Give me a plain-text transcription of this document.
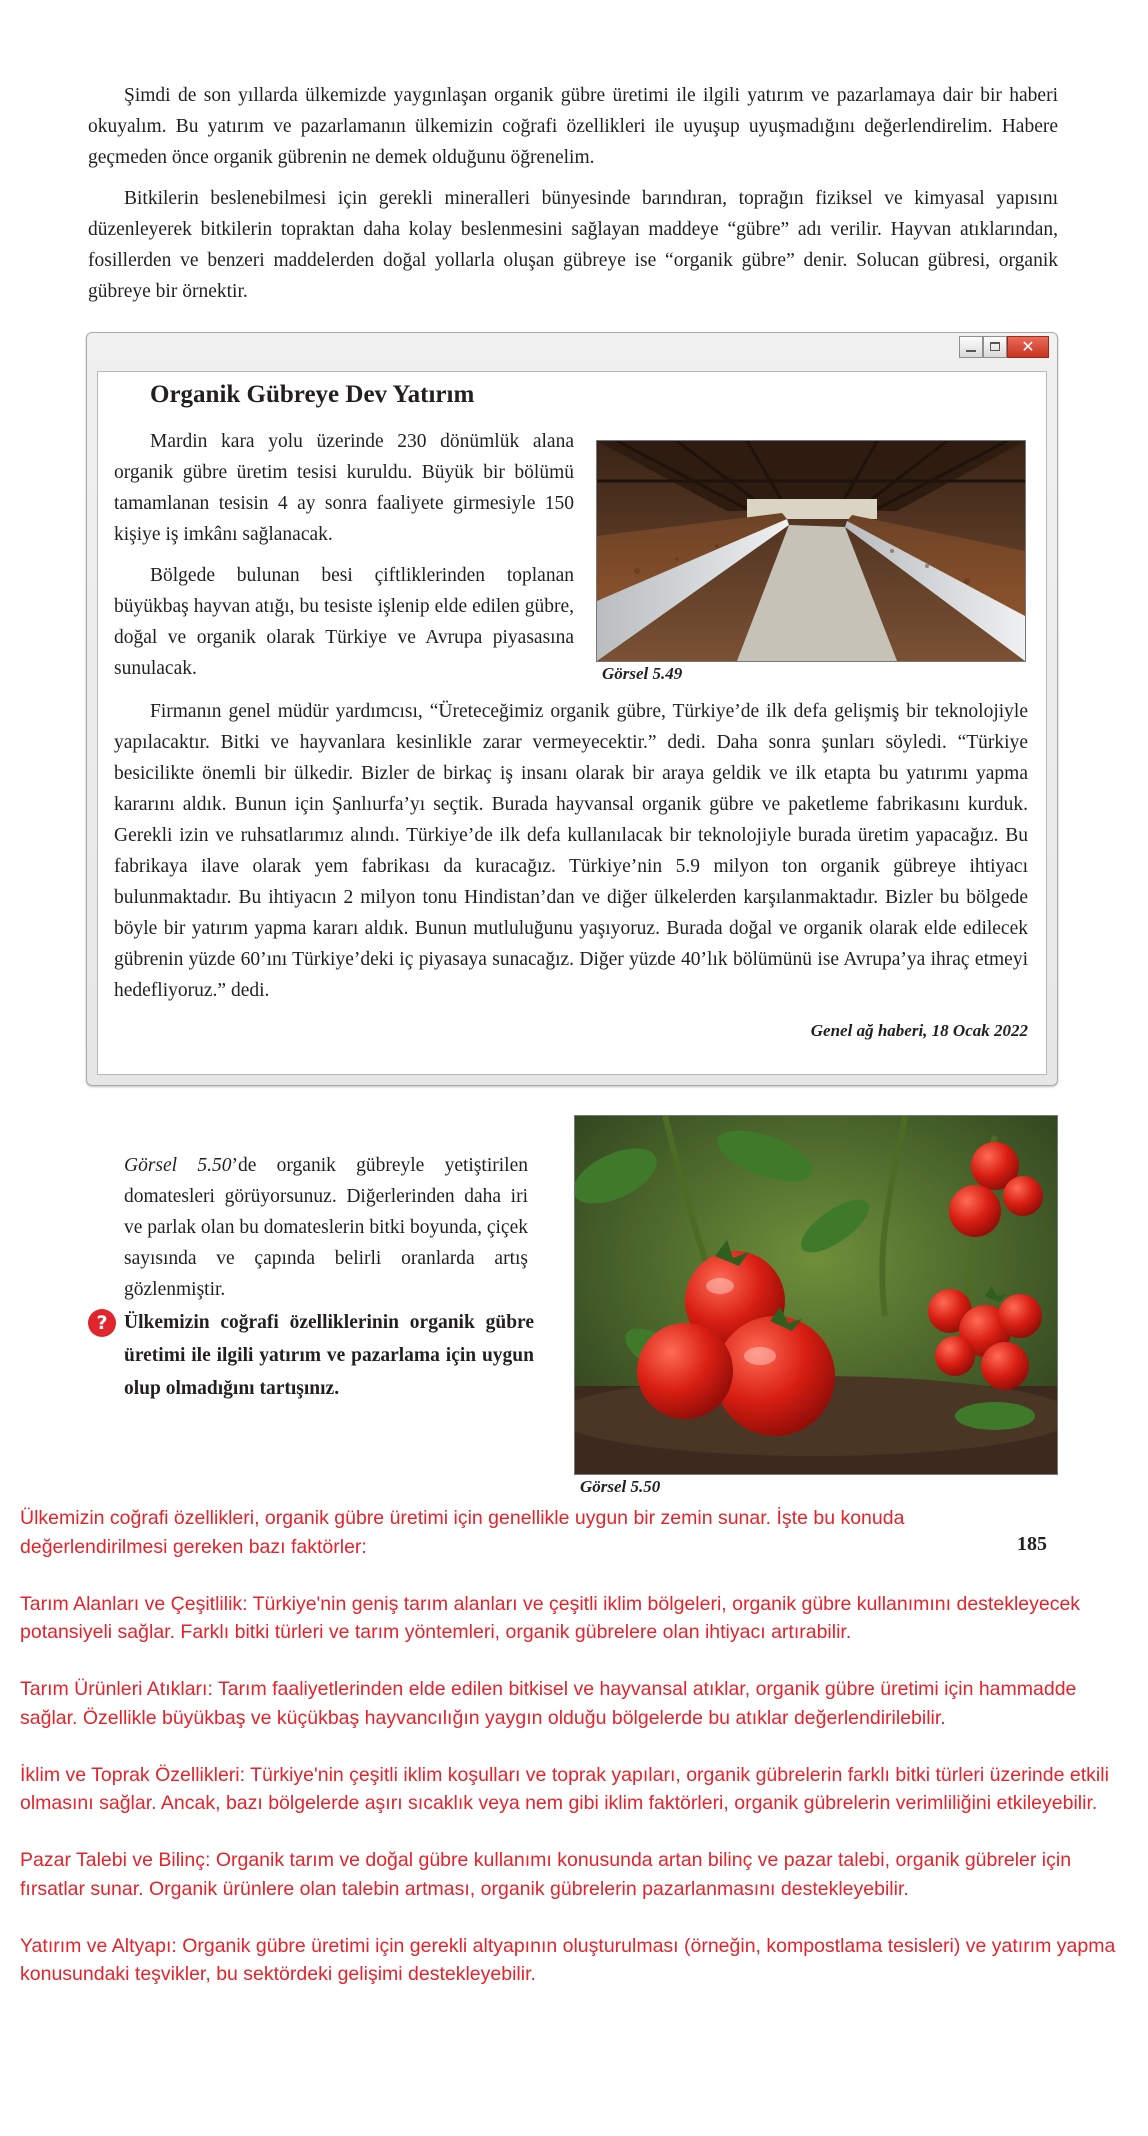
Şimdi de son yıllarda ülkemizde yaygınlaşan organik gübre üretimi ile ilgili yatırım ve pazarlamaya dair bir haberi okuyalım. Bu yatırım ve pazarlamanın ülkemizin coğrafi özellikleri ile uyuşup uyuşmadığını değerlendirelim. Habere geçmeden önce organik gübrenin ne demek olduğunu öğrenelim.

Bitkilerin beslenebilmesi için gerekli mineralleri bünyesinde barındıran, toprağın fiziksel ve kimyasal yapısını düzenleyerek bitkilerin topraktan daha kolay beslenmesini sağlayan maddeye “gübre” adı verilir. Hayvan atıklarından, fosillerden ve benzeri maddelerden doğal yollarla oluşan gübreye ise “organik gübre” denir. Solucan gübresi, organik gübreye bir örnektir.

✕
Organik Gübreye Dev Yatırım

Mardin kara yolu üzerinde 230 dönümlük alana organik gübre üretim tesisi kuruldu. Büyük bir bölümü tamamlanan tesisin 4 ay sonra faaliyete girmesiyle 150 kişiye iş imkânı sağlanacak.

Bölgede bulunan besi çiftliklerinden toplanan büyükbaş hayvan atığı, bu tesiste işlenip elde edilen gübre, doğal ve organik olarak Türkiye ve Avrupa piyasasına sunulacak.	Görsel 5.49
Firmanın genel müdür yardımcısı, “Üreteceğimiz organik gübre, Türkiye’de ilk defa gelişmiş bir teknolojiyle yapılacaktır. Bitki ve hayvanlara kesinlikle zarar vermeyecektir.” dedi. Daha sonra şunları söyledi. “Türkiye besicilikte önemli bir ülkedir. Bizler de birkaç iş insanı olarak bir araya geldik ve ilk etapta bu yatırımı yapma kararını aldık. Bunun için Şanlıurfa’yı seçtik. Burada hayvansal organik gübre ve paketleme fabrikasını kurduk. Gerekli izin ve ruhsatlarımız alındı. Türkiye’de ilk defa kullanılacak bir teknolojiyle burada üretim yapacağız. Bu fabrikaya ilave olarak yem fabrikası da kuracağız. Türkiye’nin 5.9 milyon ton organik gübreye ihtiyacı bulunmaktadır. Bu ihtiyacın 2 milyon tonu Hindistan’dan ve diğer ülkelerden karşılanmaktadır. Bizler bu bölgede böyle bir yatırım yapma kararı aldık. Bunun mutluluğunu yaşıyoruz. Burada doğal ve organik olarak elde edilecek gübrenin yüzde 60’ını Türkiye’deki iç piyasaya sunacağız. Diğer yüzde 40’lık bölümünü ise Avrupa’ya ihraç etmeyi hedefliyoruz.” dedi.
Genel ağ haberi, 18 Ocak 2022
Görsel 5.50’de organik gübreyle yetiştirilen domatesleri görüyorsunuz. Diğerlerinden daha iri ve parlak olan bu domateslerin bitki boyunda, çiçek sayısında ve çapında belirli oranlarda artış gözlenmiştir.
? Ülkemizin coğrafi özelliklerinin organik gübre üretimi ile ilgili yatırım ve pazarlama için uygun olup olmadığını tartışınız.
Görsel 5.50
185

Ülkemizin coğrafi özellikleri, organik gübre üretimi için genellikle uygun bir zemin sunar. İşte bu konuda değerlendirilmesi gereken bazı faktörler:

Tarım Alanları ve Çeşitlilik: Türkiye'nin geniş tarım alanları ve çeşitli iklim bölgeleri, organik gübre kullanımını destekleyecek potansiyeli sağlar. Farklı bitki türleri ve tarım yöntemleri, organik gübrelere olan ihtiyacı artırabilir.

Tarım Ürünleri Atıkları: Tarım faaliyetlerinden elde edilen bitkisel ve hayvansal atıklar, organik gübre üretimi için hammadde sağlar. Özellikle büyükbaş ve küçükbaş hayvancılığın yaygın olduğu bölgelerde bu atıklar değerlendirilebilir.

İklim ve Toprak Özellikleri: Türkiye'nin çeşitli iklim koşulları ve toprak yapıları, organik gübrelerin farklı bitki türleri üzerinde etkili olmasını sağlar. Ancak, bazı bölgelerde aşırı sıcaklık veya nem gibi iklim faktörleri, organik gübrelerin verimliliğini etkileyebilir.

Pazar Talebi ve Bilinç: Organik tarım ve doğal gübre kullanımı konusunda artan bilinç ve pazar talebi, organik gübreler için fırsatlar sunar. Organik ürünlere olan talebin artması, organik gübrelerin pazarlanmasını destekleyebilir.

Yatırım ve Altyapı: Organik gübre üretimi için gerekli altyapının oluşturulması (örneğin, kompostlama tesisleri) ve yatırım yapma konusundaki teşvikler, bu sektördeki gelişimi destekleyebilir.
